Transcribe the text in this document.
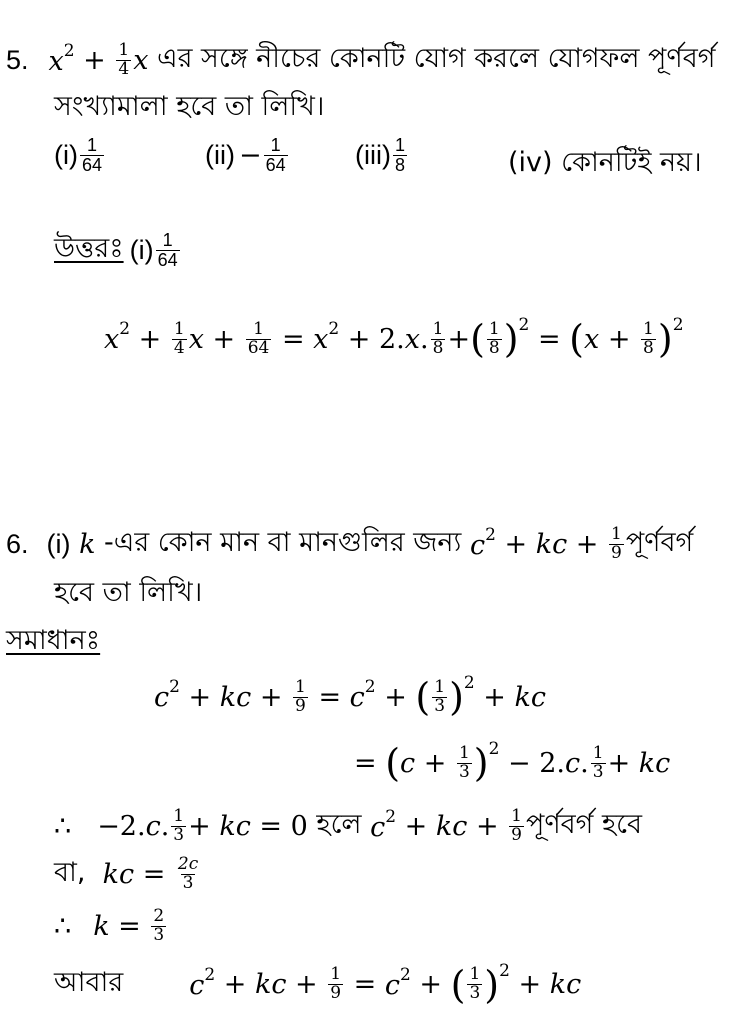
5. $x^2 + \frac{1}{4}$ x এর সঙ্গে নীচের কোনটি যোগ করলে যোগফল পূর্ণবর্গ
সংখ্যামালা হবে তা লিখি।
$(i) \frac{1}{64}$	$(ii) - \frac{1}{64} (iii) \frac{1}{8}$	(iv) কোনটিই নয়।
উত্তরঃ $(i) \frac{1}{64}$
$x^2 + \frac{1}{4}$ $x + \frac{1}{64} = x^2 + 2$. x . $\frac{1}{8}$ + ( $\frac{1}{8} )^2$ = ( $x + \frac{1}{8} )^2$
6. (i) k -এর কোন মান বা মানগুলির জন্য $c^2$ + kc + $\frac{1}{9}$ পূর্ণবর্গ
হবে তা লিখি।
সমাধানঃ
$c^2$ + kc + $\frac{1}{9} = c^2$ + ( $\frac{1}{3} )^2$ + kc
= ( $c + \frac{1}{3} )^2 - 2$. c . $\frac{1}{3}$ + kc
∴ −2. c . $\frac{1}{3}$ + kc = 0 হলে $c^2$ + kc + $\frac{1}{9}$ পূর্ণবর্গ হবে
বা, kc = $\frac{2c}{3}$
∴ $k = \frac{2}{3}$
আবার $c^2$ + kc + $\frac{1}{9} = c^2$ + ( $\frac{1}{3} )^2$ + kc
